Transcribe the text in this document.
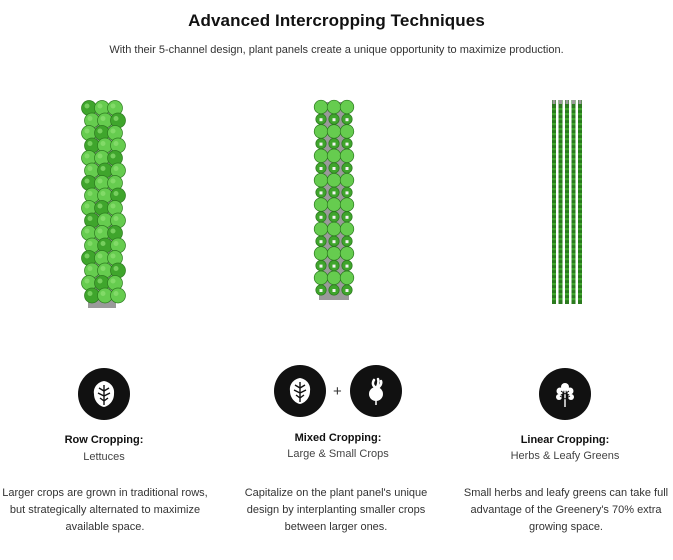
Advanced Intercropping Techniques
With their 5-channel design, plant panels create a unique opportunity to maximize production.
+
Row Cropping:
Lettuces
Larger crops are grown in traditional rows, but strategically alternated to maximize available space.
Mixed Cropping:
Large & Small Crops
Capitalize on the plant panel's unique design by interplanting smaller crops between larger ones.
Linear Cropping:
Herbs & Leafy Greens
Small herbs and leafy greens can take full advantage of the Greenery's 70% extra growing space.
